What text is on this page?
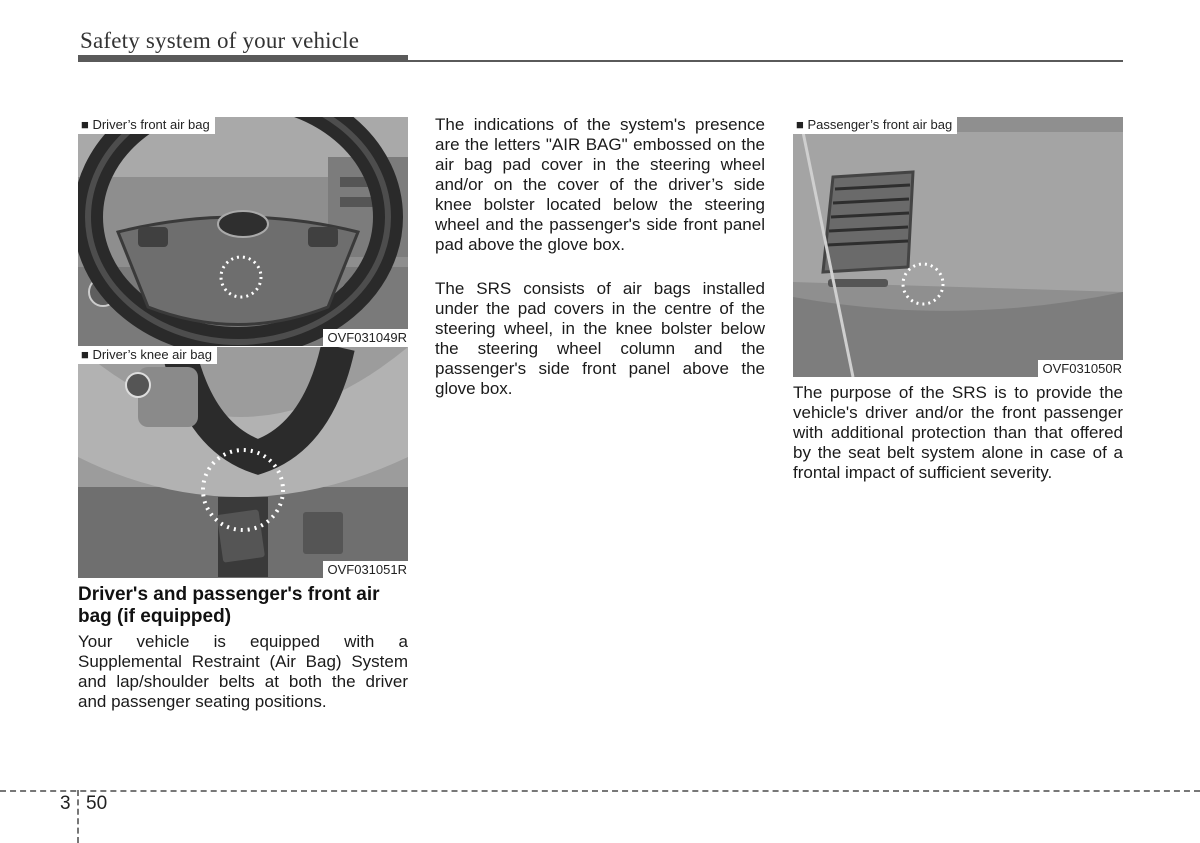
Safety system of your vehicle
■ Driver’s front air bag
OVF031049R
■ Driver’s knee air bag
OVF031051R
■ Passenger’s front air bag
OVF031050R
Driver's and passenger's front air bag (if equipped)

Your vehicle is equipped with a Supplemental Restraint (Air Bag) System and lap/shoulder belts at both the driver and passenger seating positions.

The indications of the system's presence are the letters "AIR BAG" embossed on the air bag pad cover in the steering wheel and/or on the cover of the driver’s side knee bolster located below the steering wheel and the passenger's side front panel pad above the glove box.

The SRS consists of air bags installed under the pad covers in the centre of the steering wheel, in the knee bolster below the steering wheel column and the passenger's side front panel above the glove box.	The purpose of the SRS is to provide the vehicle's driver and/or the front passenger with additional protection than that offered by the seat belt system alone in case of a frontal impact of sufficient severity.

3 50
